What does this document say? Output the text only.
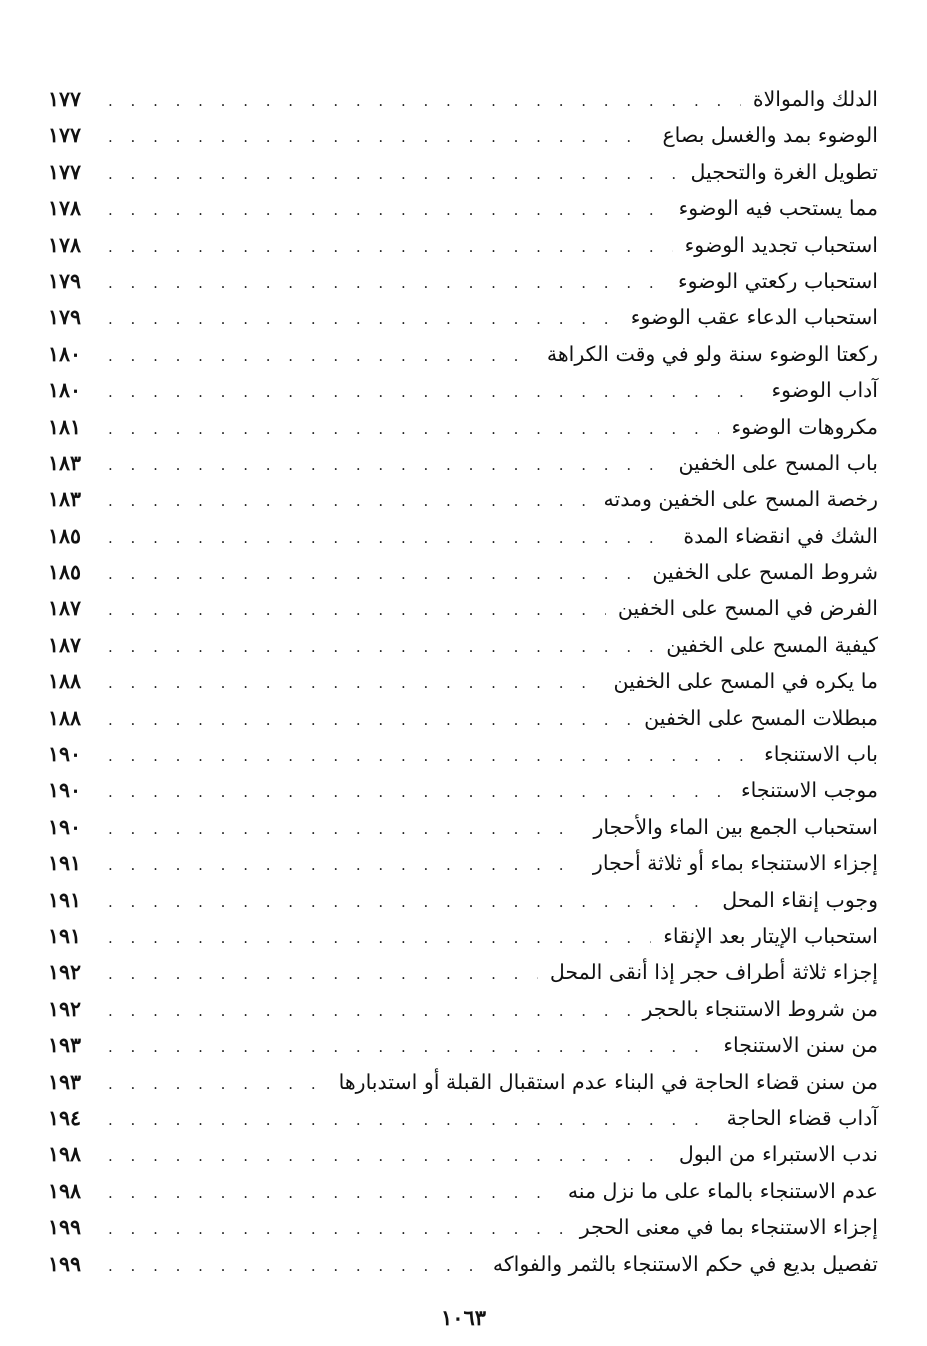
الدلك والموالاة
. . .
١٧٧
الوضوء بمد والغسل بصاع
. . .
١٧٧
تطويل الغرة والتحجيل
. . .
١٧٧
مما يستحب فيه الوضوء
. . .
١٧٨
استحباب تجديد الوضوء
. . .
١٧٨
استحباب ركعتي الوضوء
. . .
١٧٩
استحباب الدعاء عقب الوضوء
. . .
١٧٩
ركعتا الوضوء سنة ولو في وقت الكراهة
. . .
١٨٠
آداب الوضوء
. . .
١٨٠
مكروهات الوضوء
. . .
١٨١
باب المسح على الخفين
. . .
١٨٣
رخصة المسح على الخفين ومدته
. . .
١٨٣
الشك في انقضاء المدة
. . .
١٨٥
شروط المسح على الخفين
. . .
١٨٥
الفرض في المسح على الخفين
. . .
١٨٧
كيفية المسح على الخفين
. . .
١٨٧
ما يكره في المسح على الخفين
. . .
١٨٨
مبطلات المسح على الخفين
. . .
١٨٨
باب الاستنجاء
. . .
١٩٠
موجب الاستنجاء
. . .
١٩٠
استحباب الجمع بين الماء والأحجار
. . .
١٩٠
إجزاء الاستنجاء بماء أو ثلاثة أحجار
. . .
١٩١
وجوب إنقاء المحل
. . .
١٩١
استحباب الإيتار بعد الإنقاء
. . .
١٩١
إجزاء ثلاثة أطراف حجر إذا أنقى المحل
. . .
١٩٢
من شروط الاستنجاء بالحجر
. . .
١٩٢
من سنن الاستنجاء
. . .
١٩٣
من سنن قضاء الحاجة في البناء عدم استقبال القبلة أو استدبارها
. . .
١٩٣
آداب قضاء الحاجة
. . .
١٩٤
ندب الاستبراء من البول
. . .
١٩٨
عدم الاستنجاء بالماء على ما نزل منه
. . .
١٩٨
إجزاء الاستنجاء بما في معنى الحجر
. . .
١٩٩
تفصيل بديع في حكم الاستنجاء بالثمر والفواكه
. . .
١٩٩
١٠٦٣
